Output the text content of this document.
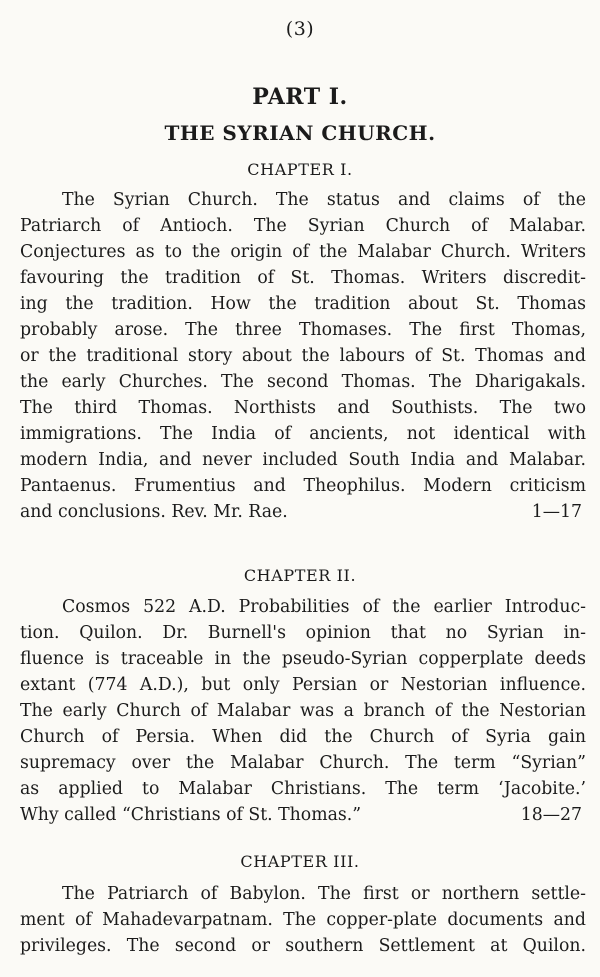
(3)
PART I.
THE SYRIAN CHURCH.
CHAPTER I.
The Syrian Church. The status and claims of the
Patriarch of Antioch. The Syrian Church of Malabar.
Conjectures as to the origin of the Malabar Church. Writers
favouring the tradition of St. Thomas. Writers discredit-
ing the tradition. How the tradition about St. Thomas
probably arose. The three Thomases. The first Thomas,
or the traditional story about the labours of St. Thomas and
the early Churches. The second Thomas. The Dharigakals.
The third Thomas. Northists and Southists. The two
immigrations. The India of ancients, not identical with
modern India, and never included South India and Malabar.
Pantaenus. Frumentius and Theophilus. Modern criticism
and conclusions. Rev. Mr. Rae.	1—17
CHAPTER II.
Cosmos 522 A.D. Probabilities of the earlier Introduc-
tion. Quilon. Dr. Burnell's opinion that no Syrian in-
fluence is traceable in the pseudo-Syrian copperplate deeds
extant (774 A.D.), but only Persian or Nestorian influence.
The early Church of Malabar was a branch of the Nestorian
Church of Persia. When did the Church of Syria gain
supremacy over the Malabar Church. The term “Syrian”
as applied to Malabar Christians. The term ‘Jacobite.’
Why called “Christians of St. Thomas.”	18—27
CHAPTER III.
The Patriarch of Babylon. The first or northern settle-
ment of Mahadevarpatnam. The copper-plate documents and
privileges. The second or southern Settlement at Quilon.
